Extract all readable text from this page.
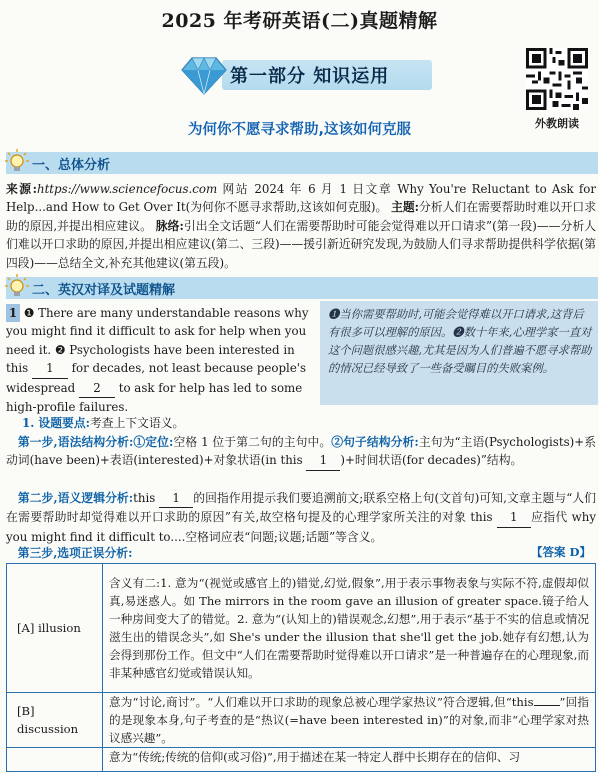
2025 年考研英语(二)真题精解
第一部分 知识运用
为何你不愿寻求帮助,这该如何克服	外教朗读
一、总体分析
来源:https://www.sciencefocus.com 网站 2024 年 6 月 1 日文章 Why You're Reluctant to Ask for Help...and How to Get Over It(为何你不愿寻求帮助,这该如何克服)。 主题:分析人们在需要帮助时难以开口求助的原因,并提出相应建议。 脉络:引出全文话题“人们在需要帮助时可能会觉得难以开口请求”(第一段)——分析人们难以开口求助的原因,并提出相应建议(第二、三段)——援引新近研究发现,为鼓励人们寻求帮助提供科学依据(第四段)——总结全文,补充其他建议(第五段)。
二、英汉对译及试题精解
1 ❶ There are many understandable reasons why you might find it difficult to ask for help when you need it. ❷ Psychologists have been interested in this 1 for decades, not least because people's widespread 2 to ask for help has led to some high-profile failures.
❶当你需要帮助时,可能会觉得难以开口请求,这背后有很多可以理解的原因。❷数十年来,心理学家一直对这个问题很感兴趣,尤其是因为人们普遍不愿寻求帮助的情况已经导致了一些备受瞩目的失败案例。
1. 设题要点:考查上下文语义。
 第一步,语法结构分析:①定位:空格 1 位于第二句的主句中。②句子结构分析:主句为“主语(Psychologists)+系动词(have been)+表语(interested)+对象状语(in this 1 )+时间状语(for decades)”结构。
 第二步,语义逻辑分析:this 1 的回指作用提示我们要追溯前文;联系空格上句(文首句)可知,文章主题与“人们在需要帮助时却觉得难以开口求助的原因”有关,故空格句提及的心理学家所关注的对象 this 1 应指代 why you might find it difficult to....空格词应表“问题;议题;话题”等含义。
 第三步,选项正误分析:	【答案 D】
[A] illusion	含义有二:1. 意为“(视觉或感官上的)错觉,幻觉,假象”,用于表示事物表象与实际不符,虚假却似真,易迷惑人。如 The mirrors in the room gave an illusion of greater space.镜子给人一种房间变大了的错觉。2. 意为“(认知上的)错误观念,幻想”,用于表示“基于不实的信息或情况滋生出的错误念头”,如 She's under the illusion that she'll get the job.她存有幻想,认为会得到那份工作。但文中“人们在需要帮助时觉得难以开口请求”是一种普遍存在的心理现象,而非某种感官幻觉或错误认知。
[B] discussion	意为“讨论,商讨”。“人们难以开口求助的现象总被心理学家热议”符合逻辑,但“this ”回指的是现象本身,句子考查的是“热议(=have been interested in)”的对象,而非“心理学家对热议感兴趣”。
	意为“传统;传统的信仰(或习俗)”,用于描述在某一特定人群中长期存在的信仰、习
